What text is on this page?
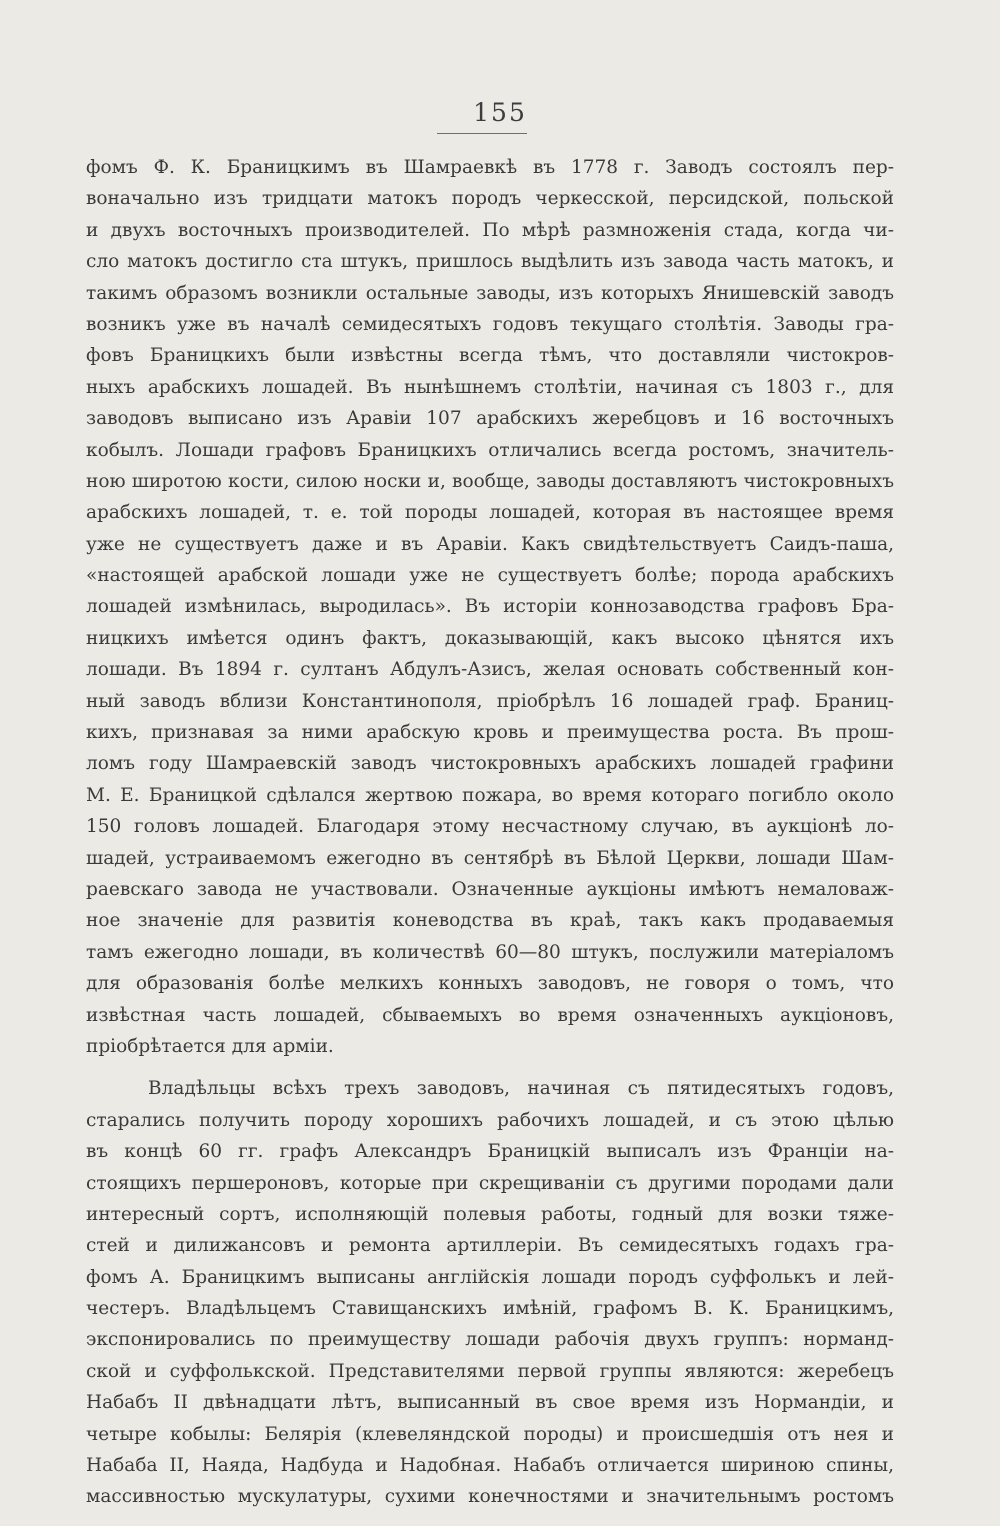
155
фомъ Ф. К. Браницкимъ въ Шамраевкѣ въ 1778 г. Заводъ состоялъ пер-
воначально изъ тридцати матокъ породъ черкесской, персидской, польской
и двухъ восточныхъ производителей. По мѣрѣ размноженія стада, когда чи-
сло матокъ достигло ста штукъ, пришлось выдѣлить изъ завода часть матокъ, и
такимъ образомъ возникли остальные заводы, изъ которыхъ Янишевскій заводъ
возникъ уже въ началѣ семидесятыхъ годовъ текущаго столѣтія. Заводы гра-
фовъ Браницкихъ были извѣстны всегда тѣмъ, что доставляли чистокров-
ныхъ арабскихъ лошадей. Въ нынѣшнемъ столѣтіи, начиная съ 1803 г., для
заводовъ выписано изъ Аравіи 107 арабскихъ жеребцовъ и 16 восточныхъ
кобылъ. Лошади графовъ Браницкихъ отличались всегда ростомъ, значитель-
ною широтою кости, силою носки и, вообще, заводы доставляютъ чистокровныхъ
арабскихъ лошадей, т. е. той породы лошадей, которая въ настоящее время
уже не существуетъ даже и въ Аравіи. Какъ свидѣтельствуетъ Саидъ-паша,
«настоящей арабской лошади уже не существуетъ болѣе; порода арабскихъ
лошадей измѣнилась, выродилась». Въ исторіи коннозаводства графовъ Бра-
ницкихъ имѣется одинъ фактъ, доказывающій, какъ высоко цѣнятся ихъ
лошади. Въ 1894 г. султанъ Абдулъ-Азисъ, желая основать собственный кон-
ный заводъ вблизи Константинополя, пріобрѣлъ 16 лошадей граф. Браниц-
кихъ, признавая за ними арабскую кровь и преимущества роста. Въ прош-
ломъ году Шамраевскій заводъ чистокровныхъ арабскихъ лошадей графини
М. Е. Браницкой сдѣлался жертвою пожара, во время котораго погибло около
150 головъ лошадей. Благодаря этому несчастному случаю, въ аукціонѣ ло-
шадей, устраиваемомъ ежегодно въ сентябрѣ въ Бѣлой Церкви, лошади Шам-
раевскаго завода не участвовали. Означенные аукціоны имѣютъ немаловаж-
ное значеніе для развитія коневодства въ краѣ, такъ какъ продаваемыя
тамъ ежегодно лошади, въ количествѣ 60—80 штукъ, послужили матеріаломъ
для образованія болѣе мелкихъ конныхъ заводовъ, не говоря о томъ, что
извѣстная часть лошадей, сбываемыхъ во время означенныхъ аукціоновъ,
пріобрѣтается для арміи.
Владѣльцы всѣхъ трехъ заводовъ, начиная съ пятидесятыхъ годовъ,
старались получить породу хорошихъ рабочихъ лошадей, и съ этою цѣлью
въ концѣ 60 гг. графъ Александръ Браницкій выписалъ изъ Франціи на-
стоящихъ першероновъ, которые при скрещиваніи съ другими породами дали
интересный сортъ, исполняющій полевыя работы, годный для возки тяже-
стей и дилижансовъ и ремонта артиллеріи. Въ семидесятыхъ годахъ гра-
фомъ А. Браницкимъ выписаны англійскія лошади породъ суффолькъ и лей-
честеръ. Владѣльцемъ Ставищанскихъ имѣній, графомъ В. К. Браницкимъ,
экспонировались по преимуществу лошади рабочія двухъ группъ: норманд-
ской и суффолькской. Представителями первой группы являются: жеребецъ
Набабъ II двѣнадцати лѣтъ, выписанный въ свое время изъ Нормандіи, и
четыре кобылы: Белярія (клевеляндской породы) и происшедшія отъ нея и
Набаба II, Наяда, Надбуда и Надобная. Набабъ отличается шириною спины,
массивностью мускулатуры, сухими конечностями и значительнымъ ростомъ
